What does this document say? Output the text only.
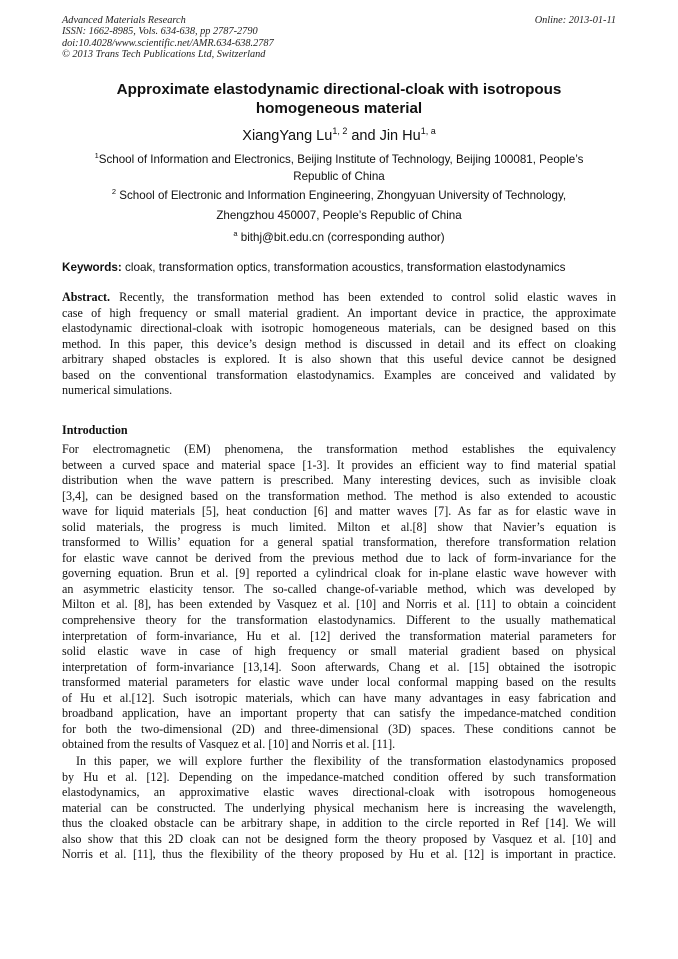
Advanced Materials Research
ISSN: 1662-8985, Vols. 634-638, pp 2787-2790
doi:10.4028/www.scientific.net/AMR.634-638.2787
© 2013 Trans Tech Publications Ltd, Switzerland
Online: 2013-01-11
Approximate elastodynamic directional-cloak with isotropous
homogeneous material
XiangYang Lu$^{1, 2}$ and Jin Hu$^{1, a}$
$^1$School of Information and Electronics, Beijing Institute of Technology, Beijing 100081, People’s
Republic of China
$^2$ School of Electronic and Information Engineering, Zhongyuan University of Technology,
Zhengzhou 450007, People’s Republic of China
$^a$ bithj@bit.edu.cn (corresponding author)
Keywords: cloak, transformation optics, transformation acoustics, transformation elastodynamics
Abstract. Recently, the transformation method has been extended to control solid elastic waves in
case of high frequency or small material gradient. An important device in practice, the approximate
elastodynamic directional-cloak with isotropic homogeneous materials, can be designed based on this
method. In this paper, this device’s design method is discussed in detail and its effect on cloaking
arbitrary shaped obstacles is explored. It is also shown that this useful device cannot be designed
based on the conventional transformation elastodynamics. Examples are conceived and validated by
numerical simulations.
Introduction
For electromagnetic (EM) phenomena, the transformation method establishes the equivalency
between a curved space and material space [1-3]. It provides an efficient way to find material spatial
distribution when the wave pattern is prescribed. Many interesting devices, such as invisible cloak
[3,4], can be designed based on the transformation method. The method is also extended to acoustic
wave for liquid materials [5], heat conduction [6] and matter waves [7]. As far as for elastic wave in
solid materials, the progress is much limited. Milton et al.[8] show that Navier’s equation is
transformed to Willis’ equation for a general spatial transformation, therefore transformation relation
for elastic wave cannot be derived from the previous method due to lack of form-invariance for the
governing equation. Brun et al. [9] reported a cylindrical cloak for in-plane elastic wave however with
an asymmetric elasticity tensor. The so-called change-of-variable method, which was developed by
Milton et al. [8], has been extended by Vasquez et al. [10] and Norris et al. [11] to obtain a coincident
comprehensive theory for the transformation elastodynamics. Different to the usually mathematical
interpretation of form-invariance, Hu et al. [12] derived the transformation material parameters for
solid elastic wave in case of high frequency or small material gradient based on physical
interpretation of form-invariance [13,14]. Soon afterwards, Chang et al. [15] obtained the isotropic
transformed material parameters for elastic wave under local conformal mapping based on the results
of Hu et al.[12]. Such isotropic materials, which can have many advantages in easy fabrication and
broadband application, have an important property that can satisfy the impedance-matched condition
for both the two-dimensional (2D) and three-dimensional (3D) spaces. These conditions cannot be
obtained from the results of Vasquez et al. [10] and Norris et al. [11].
In this paper, we will explore further the flexibility of the transformation elastodynamics proposed
by Hu et al. [12]. Depending on the impedance-matched condition offered by such transformation
elastodynamics, an approximative elastic waves directional-cloak with isotropous homogeneous
material can be constructed. The underlying physical mechanism here is increasing the wavelength,
thus the cloaked obstacle can be arbitrary shape, in addition to the circle reported in Ref [14]. We will
also show that this 2D cloak can not be designed form the theory proposed by Vasquez et al. [10] and
Norris et al. [11], thus the flexibility of the theory proposed by Hu et al. [12] is important in practice.
